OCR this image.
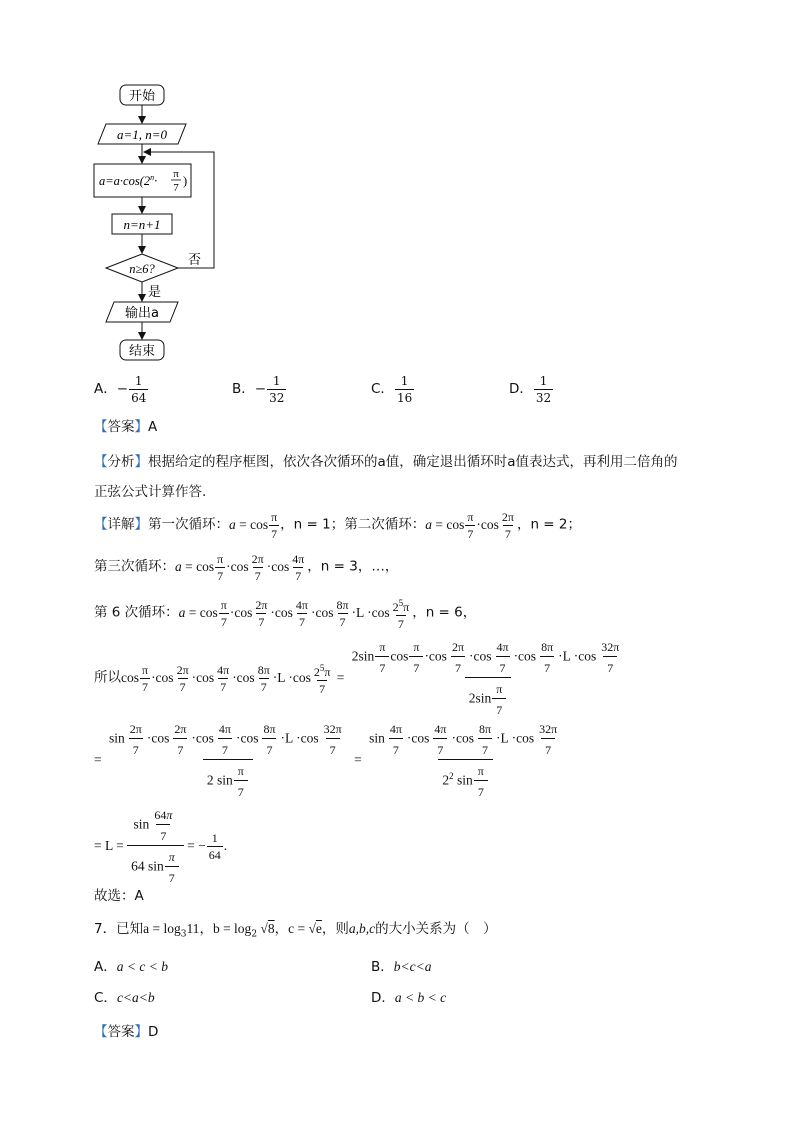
开始
a=1, n=0
$a=a\cdot\cos(2^n\cdot \pi$
7 )
n=n+1
n≥6?
否
是
输出a
结束
A．− $\frac{1}{64}$	B．− $\frac{1}{32}$	C． $\frac{1}{16}$	D． $\frac{1}{32}$
【答案】A
【分析】根据给定的程序框图，依次各次循环的a值，确定退出循环时a值表达式，再利用二倍角的
正弦公式计算作答.
【详解】第一次循环：$a = \cos \frac{\pi}{7}$ ，n = 1；第二次循环：$a = \cos \frac{\pi}{7} \cdot\cos \frac{2\pi}{7}$ ，n = 2；
第三次循环：$a = \cos \frac{\pi}{7} \cdot\cos \frac{2\pi}{7} \cdot\cos \frac{4\pi}{7}$ ，n = 3，…，
第 6 次循环：$a = \cos \frac{\pi}{7} \cdot\cos \frac{2\pi}{7} \cdot\cos \frac{4\pi}{7} \cdot\cos \frac{8\pi}{7} \cdot L \cdot\cos \frac{2^5\pi}{7}$ ，n = 6，
所以$\cos \frac{\pi}{7} \cdot\cos \frac{2\pi}{7} \cdot\cos \frac{4\pi}{7} \cdot\cos \frac{8\pi}{7} \cdot L \cdot\cos \frac{2^5\pi}{7} = \frac{2\sin \frac{\pi}{7} \cos \frac{\pi}{7} \cdot\cos \frac{2\pi}{7} \cdot\cos \frac{4\pi}{7} \cdot\cos \frac{8\pi}{7} \cdot L \cdot\cos \frac{32\pi}{7}}{2\sin \frac{\pi}{7}}$
= $\frac{\sin \frac{2\pi}{7} \cdot\cos \frac{2\pi}{7} \cdot\cos \frac{4\pi}{7} \cdot\cos \frac{8\pi}{7} \cdot L \cdot\cos \frac{32\pi}{7}}{2 \sin \frac{\pi}{7}} = \frac{\sin \frac{4\pi}{7} \cdot\cos \frac{4\pi}{7} \cdot\cos \frac{8\pi}{7} \cdot L \cdot\cos \frac{32\pi}{7}}{2^2 \sin \frac{\pi}{7}}$
= $L = \frac{\sin \frac{64\pi}{7}}{64 \sin \frac{\pi}{7}}$ = − $\frac{1}{64}$ .
故选：A
7．已知$a = \log_311$，$b = \log_2 √8$，c = √e，则a,b,c的大小关系为（　）
A．a < c < b	B．b<c<a
C．c<a<b	D．a < b < c
【答案】D
